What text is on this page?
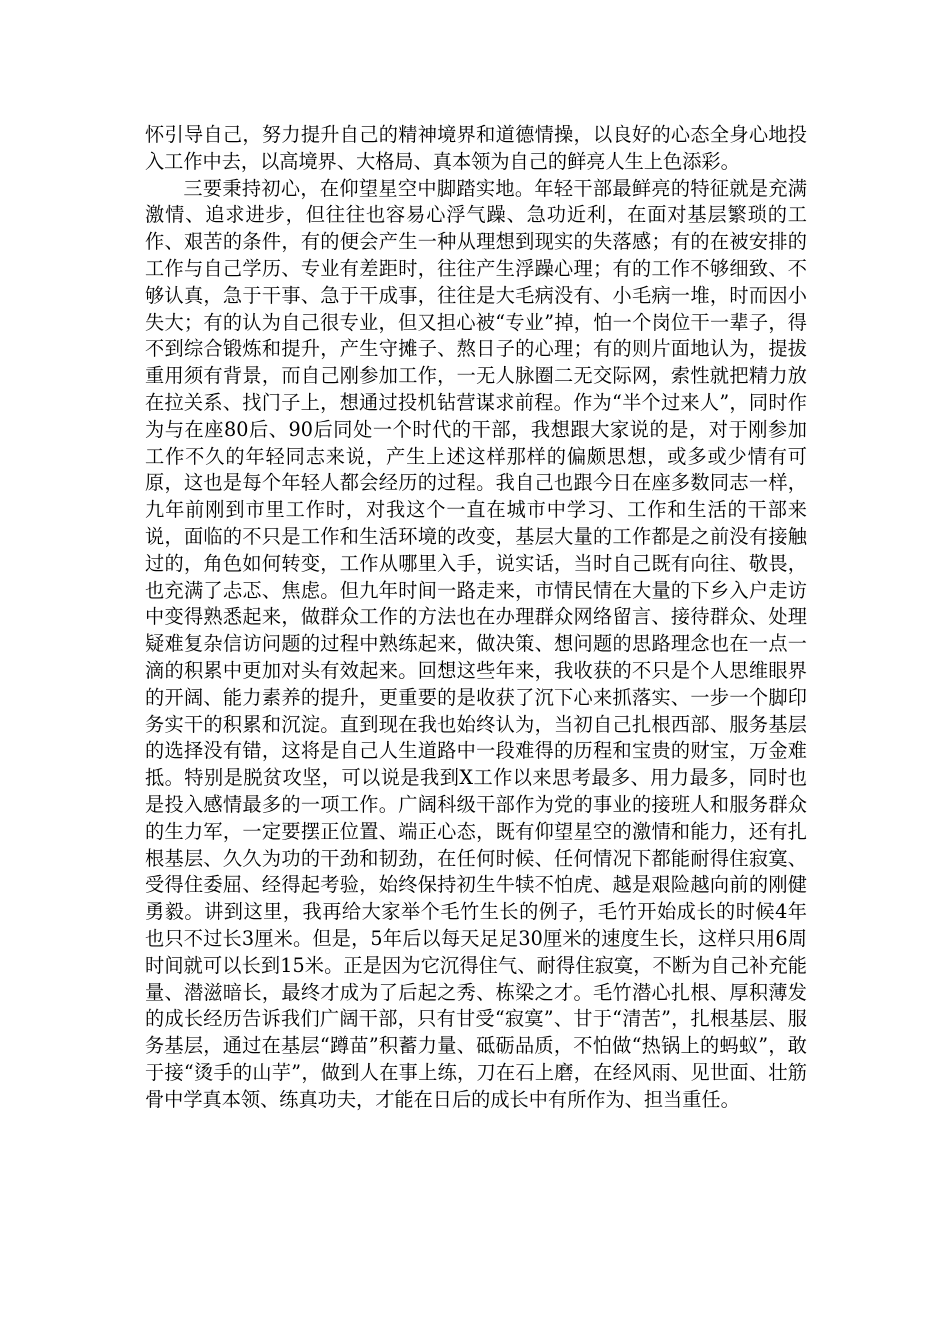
怀引导自己，努力提升自己的精神境界和道德情操，以良好的心态全身心地投入工作中去，以高境界、大格局、真本领为自己的鲜亮人生上色添彩。

三要秉持初心，在仰望星空中脚踏实地。年轻干部最鲜亮的特征就是充满激情、追求进步，但往往也容易心浮气躁、急功近利，在面对基层繁琐的工作、艰苦的条件，有的便会产生一种从理想到现实的失落感；有的在被安排的工作与自己学历、专业有差距时，往往产生浮躁心理；有的工作不够细致、不够认真，急于干事、急于干成事，往往是大毛病没有、小毛病一堆，时而因小失大；有的认为自己很专业，但又担心被“专业”掉，怕一个岗位干一辈子，得不到综合锻炼和提升，产生守摊子、熬日子的心理；有的则片面地认为，提拔重用须有背景，而自己刚参加工作，一无人脉圈二无交际网，索性就把精力放在拉关系、找门子上，想通过投机钻营谋求前程。作为“半个过来人”，同时作为与在座80后、90后同处一个时代的干部，我想跟大家说的是，对于刚参加工作不久的年轻同志来说，产生上述这样那样的偏颇思想，或多或少情有可原，这也是每个年轻人都会经历的过程。我自己也跟今日在座多数同志一样，九年前刚到市里工作时，对我这个一直在城市中学习、工作和生活的干部来说，面临的不只是工作和生活环境的改变，基层大量的工作都是之前没有接触过的，角色如何转变，工作从哪里入手，说实话，当时自己既有向往、敬畏，也充满了忐忑、焦虑。但九年时间一路走来，市情民情在大量的下乡入户走访中变得熟悉起来，做群众工作的方法也在办理群众网络留言、接待群众、处理疑难复杂信访问题的过程中熟练起来，做决策、想问题的思路理念也在一点一滴的积累中更加对头有效起来。回想这些年来，我收获的不只是个人思维眼界的开阔、能力素养的提升，更重要的是收获了沉下心来抓落实、一步一个脚印务实干的积累和沉淀。直到现在我也始终认为，当初自己扎根西部、服务基层的选择没有错，这将是自己人生道路中一段难得的历程和宝贵的财宝，万金难抵。特别是脱贫攻坚，可以说是我到X工作以来思考最多、用力最多，同时也是投入感情最多的一项工作。广阔科级干部作为党的事业的接班人和服务群众的生力军，一定要摆正位置、端正心态，既有仰望星空的激情和能力，还有扎根基层、久久为功的干劲和韧劲，在任何时候、任何情况下都能耐得住寂寞、受得住委屈、经得起考验，始终保持初生牛犊不怕虎、越是艰险越向前的刚健勇毅。讲到这里，我再给大家举个毛竹生长的例子，毛竹开始成长的时候4年也只不过长3厘米。但是，5年后以每天足足30厘米的速度生长，这样只用6周时间就可以长到15米。正是因为它沉得住气、耐得住寂寞，不断为自己补充能量、潜滋暗长，最终才成为了后起之秀、栋梁之才。毛竹潜心扎根、厚积薄发的成长经历告诉我们广阔干部，只有甘受“寂寞”、甘于“清苦”，扎根基层、服务基层，通过在基层“蹲苗”积蓄力量、砥砺品质，不怕做“热锅上的蚂蚁”，敢于接“烫手的山芋”，做到人在事上练，刀在石上磨，在经风雨、见世面、壮筋骨中学真本领、练真功夫，才能在日后的成长中有所作为、担当重任。
